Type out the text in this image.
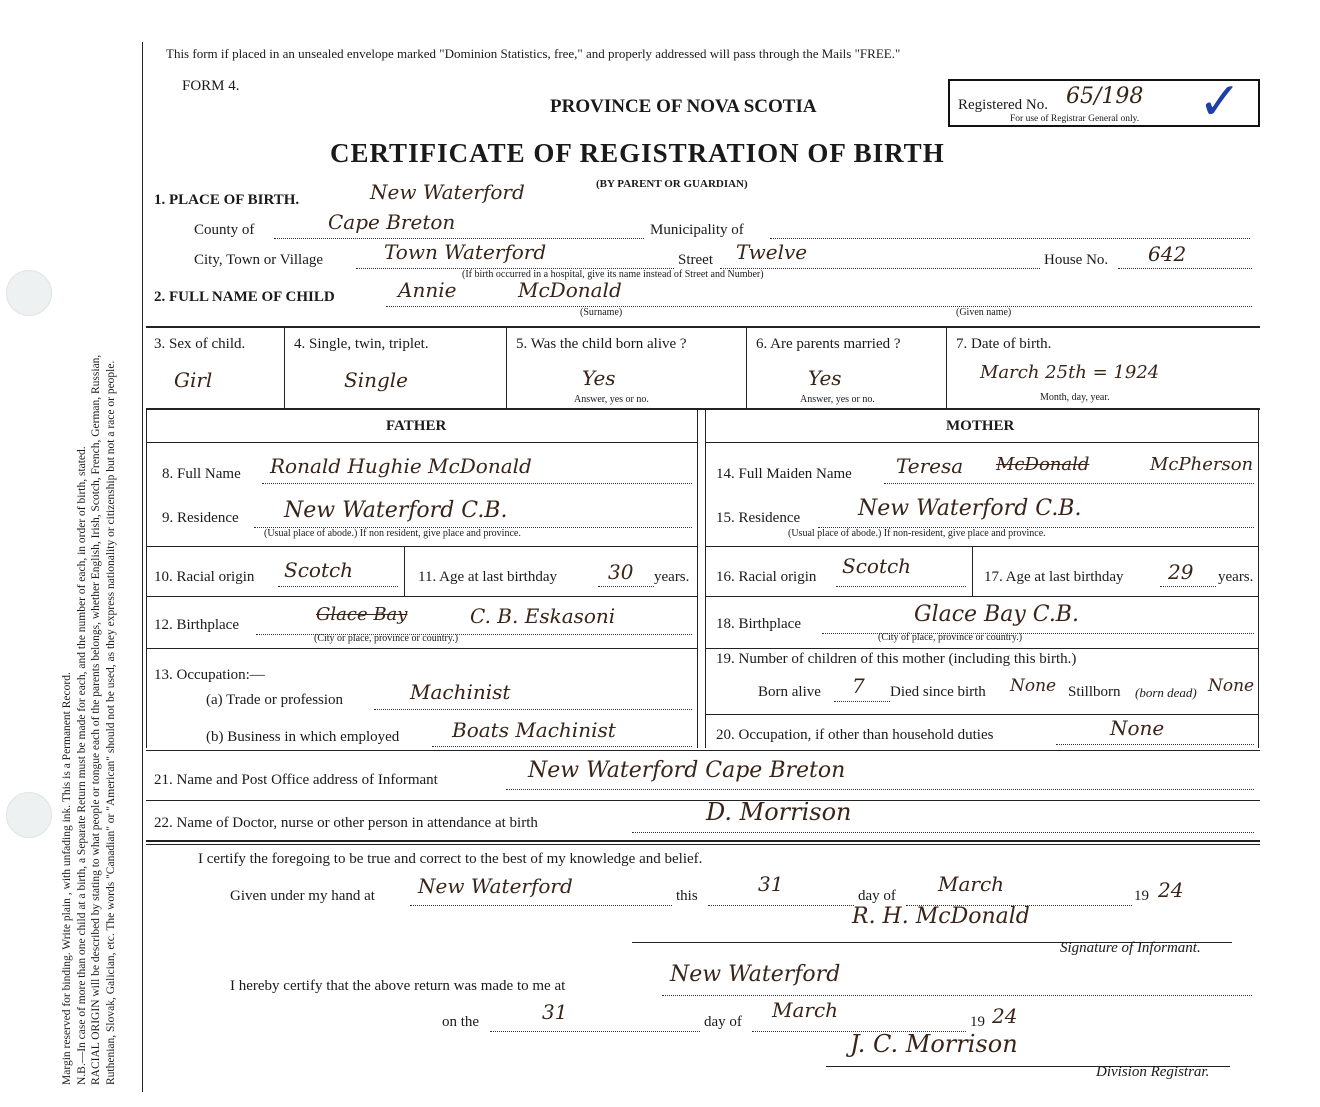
Margin reserved for binding. Write plain , with unfading ink. This is a Permanent Record. N.B.—In case of more than one child at a birth, a Separate Return must be made for each, and the number of each, in order of birth, stated. RACIAL ORIGIN will be described by stating to what people or tongue each of the parents belongs, whether English, Irish, Scotch, French, German, Russian, Ruthenian, Slovak, Galician, etc. The words "Canadian" or "American" should not be used, as they express nationality or citizenship but not a race or people.
This form if placed in an unsealed envelope marked "Dominion Statistics, free," and properly addressed will pass through the Mails "FREE."
FORM 4.
PROVINCE OF NOVA SCOTIA
CERTIFICATE OF REGISTRATION OF BIRTH
(BY PARENT OR GUARDIAN)
Registered No. 65/198
For use of Registrar General only. ✓
1. PLACE OF BIRTH.	New Waterford
County of	Cape Breton	Municipality of
City, Town or Village	Town Waterford	Street Twelve
(If birth occurred in a hospital, give its name instead of Street and Number)
House No. 642
2. FULL NAME OF CHILD	Annie	McDonald
(Surname)	(Given name)
3. Sex of child.
Girl
4. Single, twin, triplet.
Single
5. Was the child born alive ?
Yes
Answer, yes or no.
6. Are parents married ?
Yes
Answer, yes or no.
7. Date of birth.
March 25th = 1924
Month, day, year.
FATHER	MOTHER
8. Full Name Ronald Hughie McDonald
9. Residence New Waterford C.B.
(Usual place of abode.) If non resident, give place and province.
10. Racial origin Scotch	11. Age at last birthday	30 years.
12. Birthplace	Glace Bay	C. B. Eskasoni
(City or place, province or country.)
13. Occupation:—
(a) Trade or profession	Machinist
(b) Business in which employed	Boats Machinist
14. Full Maiden Name Teresa McDonald	McPherson
15. Residence	New Waterford C.B.
(Usual place of abode.) If non-resident, give place and province.
16. Racial origin Scotch	17. Age at last birthday 29 years.
18. Birthplace	Glace Bay C.B.
(City of place, province or country.)
19. Number of children of this mother (including this birth.)
Born alive 7 Died since birth None Stillborn (born dead) None
20. Occupation, if other than household duties	None
21. Name and Post Office address of Informant	New Waterford Cape Breton
22. Name of Doctor, nurse or other person in attendance at birth	D. Morrison
I certify the foregoing to be true and correct to the best of my knowledge and belief.
Given under my hand at New Waterford	this	31	day of March	19 24
R. H. McDonald
Signature of Informant.
I hereby certify that the above return was made to me at	New Waterford
on the	31	day of March	19 24
J. C. Morrison
Division Registrar.
